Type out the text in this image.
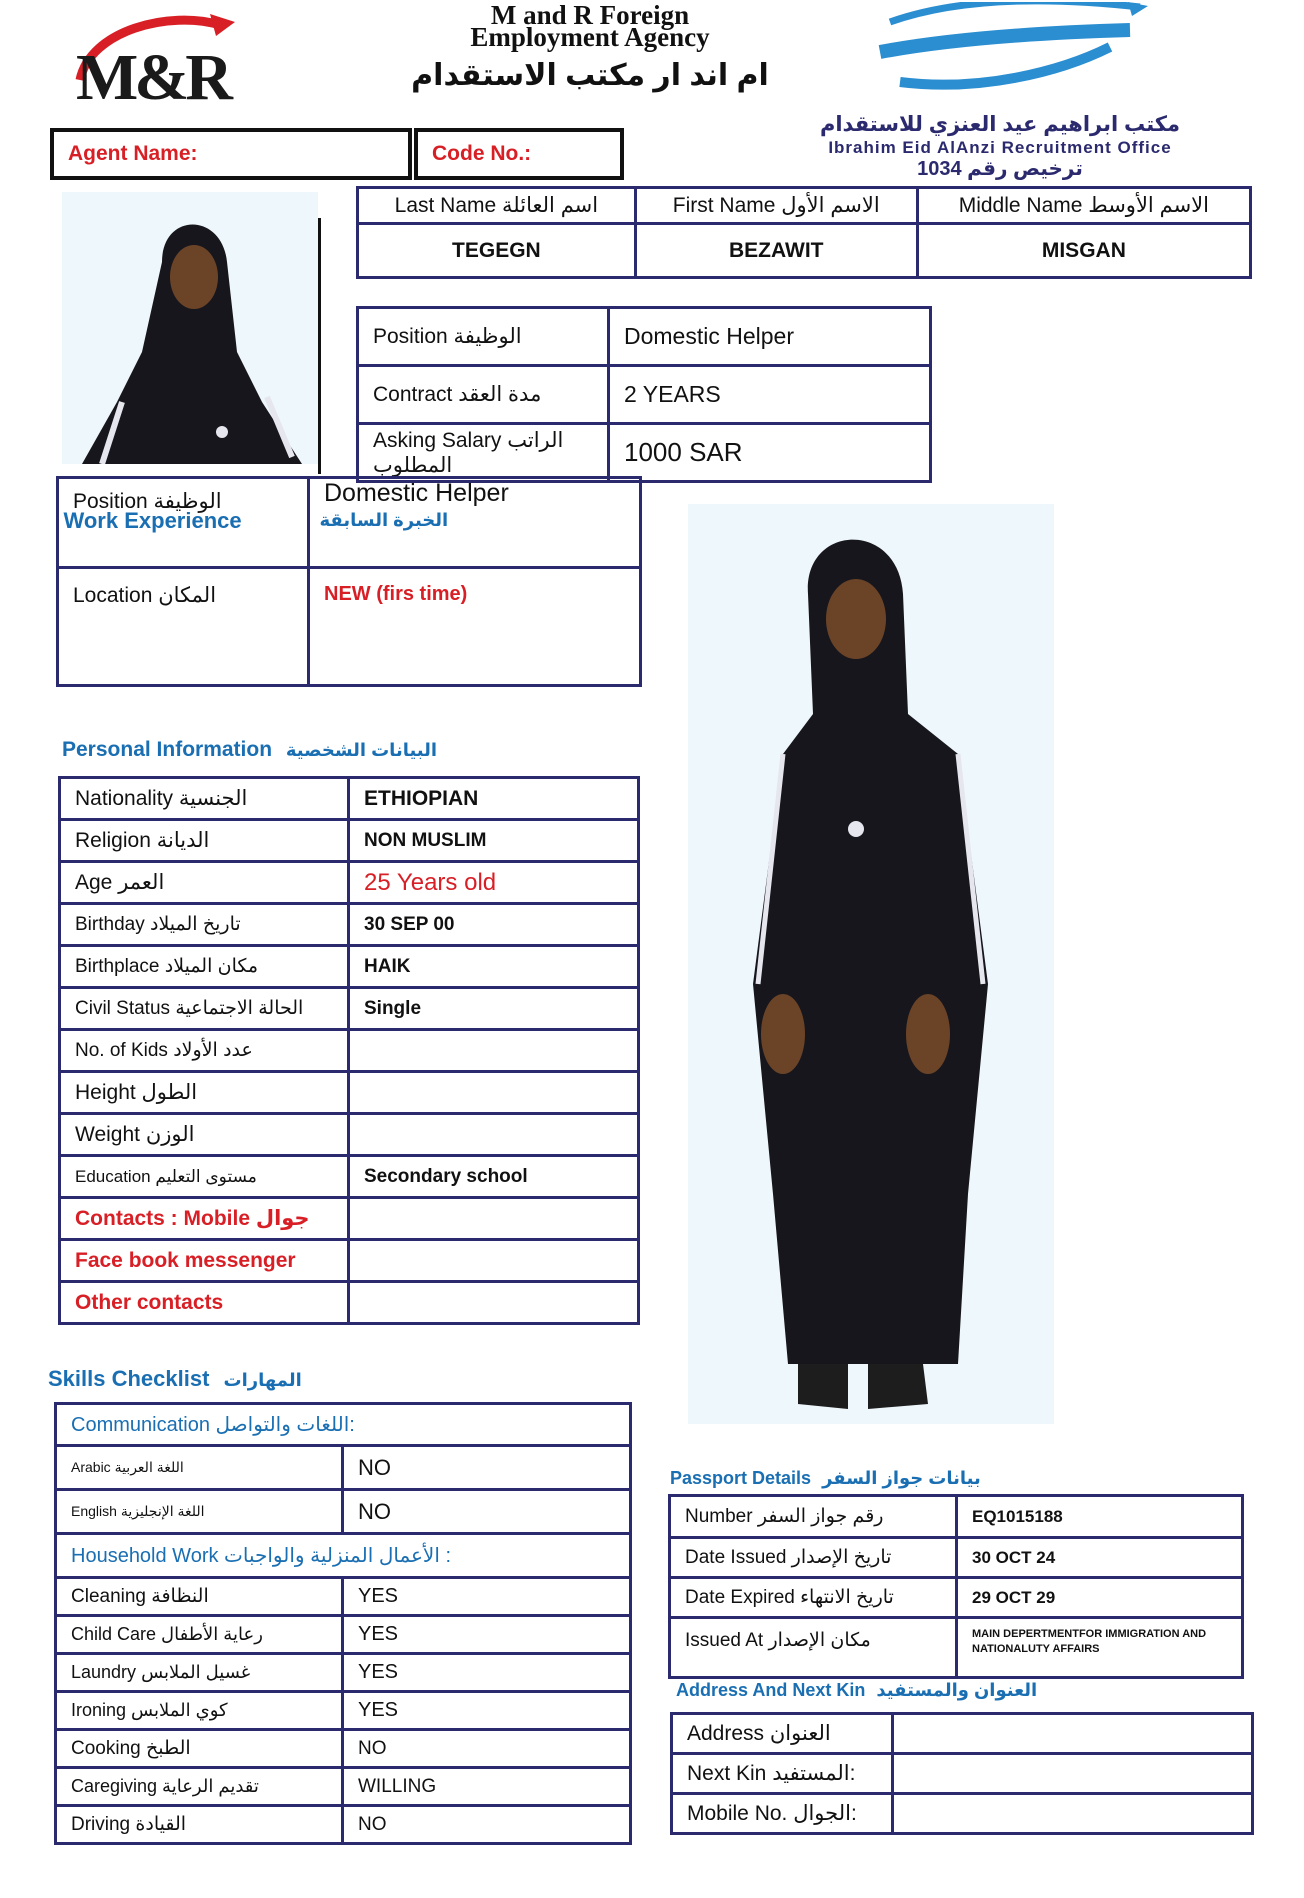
M&R
M and R Foreign
Employment Agency
ام اند ار مكتب الاستقدام
مكتب ابراهيم عيد العنزي للاستقدام
Ibrahim Eid AlAnzi Recruitment Office
ترخيص رقم 1034
Agent Name:	Code No.:
Last Name اسم العائلة	First Name الاسم الأول	Middle Name الاسم الأوسط
TEGEGN	BEZAWIT	MISGAN
Position الوظيفة	Domestic Helper
Contract مدة العقد	2 YEARS
Asking Salary الراتب المطلوب	1000 SAR
Position الوظيفة
Work Experience الخبرة السابقة	Domestic Helper
Location المكان	NEW (firs time)
Personal Information البيانات الشخصية
Nationality الجنسية	ETHIOPIAN
Religion الديانة	NON MUSLIM
Age العمر	25 Years old
Birthday تاريخ الميلاد	30 SEP 00
Birthplace مكان الميلاد	HAIK
Civil Status الحالة الاجتماعية	Single
No. of Kids عدد الأولاد	
Height الطول	
Weight الوزن	
Education مستوى التعليم	Secondary school
Contacts : Mobile جوال	
Face book messenger	
Other contacts	
Skills Checklist المهارات
Communication اللغات والتواصل:	
Arabic اللغة العربية	NO
English اللغة الإنجليزية	NO
Household Work الأعمال المنزلية والواجبات :	
Cleaning النظافة	YES
Child Care رعاية الأطفال	YES
Laundry غسيل الملابس	YES
Ironing كوي الملابس	YES
Cooking الطبخ	NO
Caregiving تقديم الرعاية	WILLING
Driving القيادة	NO
Passport Details بيانات جواز السفر
Number رقم جواز السفر	EQ1015188
Date Issued تاريخ الإصدار	30 OCT 24
Date Expired تاريخ الانتهاء	29 OCT 29
Issued At مكان الإصدار	MAIN DEPERTMENTFOR IMMIGRATION AND NATIONALUTY AFFAIRS
Address And Next Kin العنوان والمستفيد
Address العنوان	
Next Kin المستفيد:	
Mobile No. الجوال:	
